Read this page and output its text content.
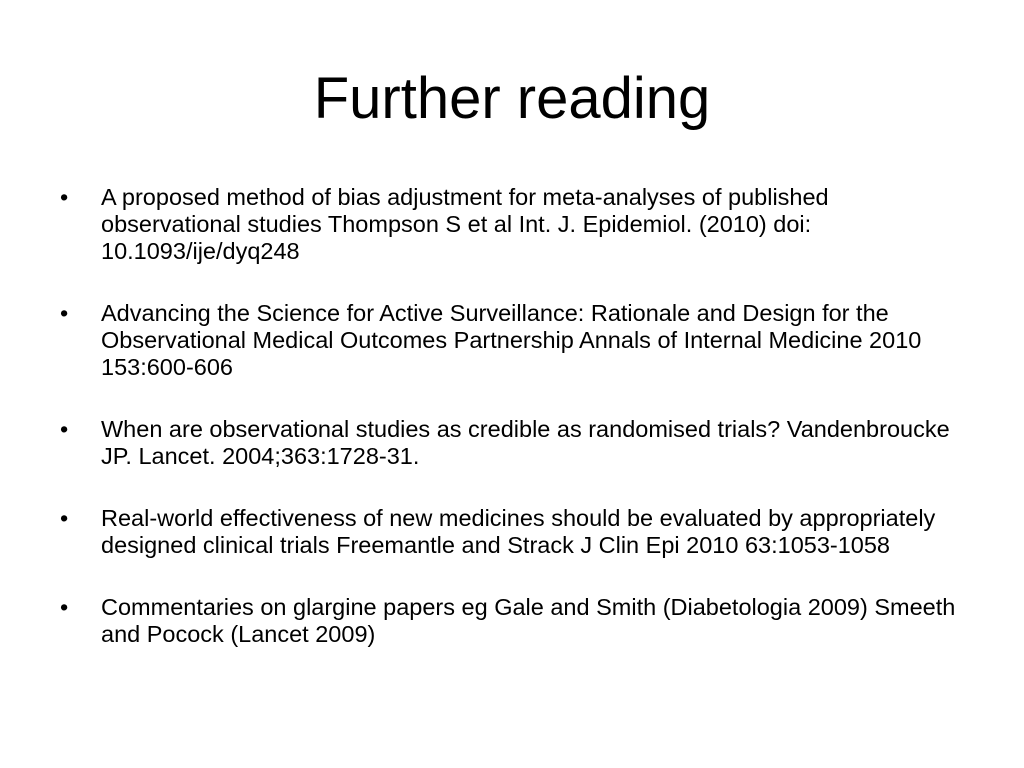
Further reading
•	A proposed method of bias adjustment for meta-analyses of published observational studies Thompson S et al Int. J. Epidemiol. (2010) doi: 10.1093/ije/dyq248
•	Advancing the Science for Active Surveillance: Rationale and Design for the Observational Medical Outcomes Partnership Annals of Internal Medicine 2010 153:600-606
•	When are observational studies as credible as randomised trials? Vandenbroucke JP. Lancet. 2004;363:1728-31.
•	Real-world effectiveness of new medicines should be evaluated by appropriately designed clinical trials Freemantle and Strack J Clin Epi 2010 63:1053-1058
•	Commentaries on glargine papers eg Gale and Smith (Diabetologia 2009) Smeeth and Pocock (Lancet 2009)
